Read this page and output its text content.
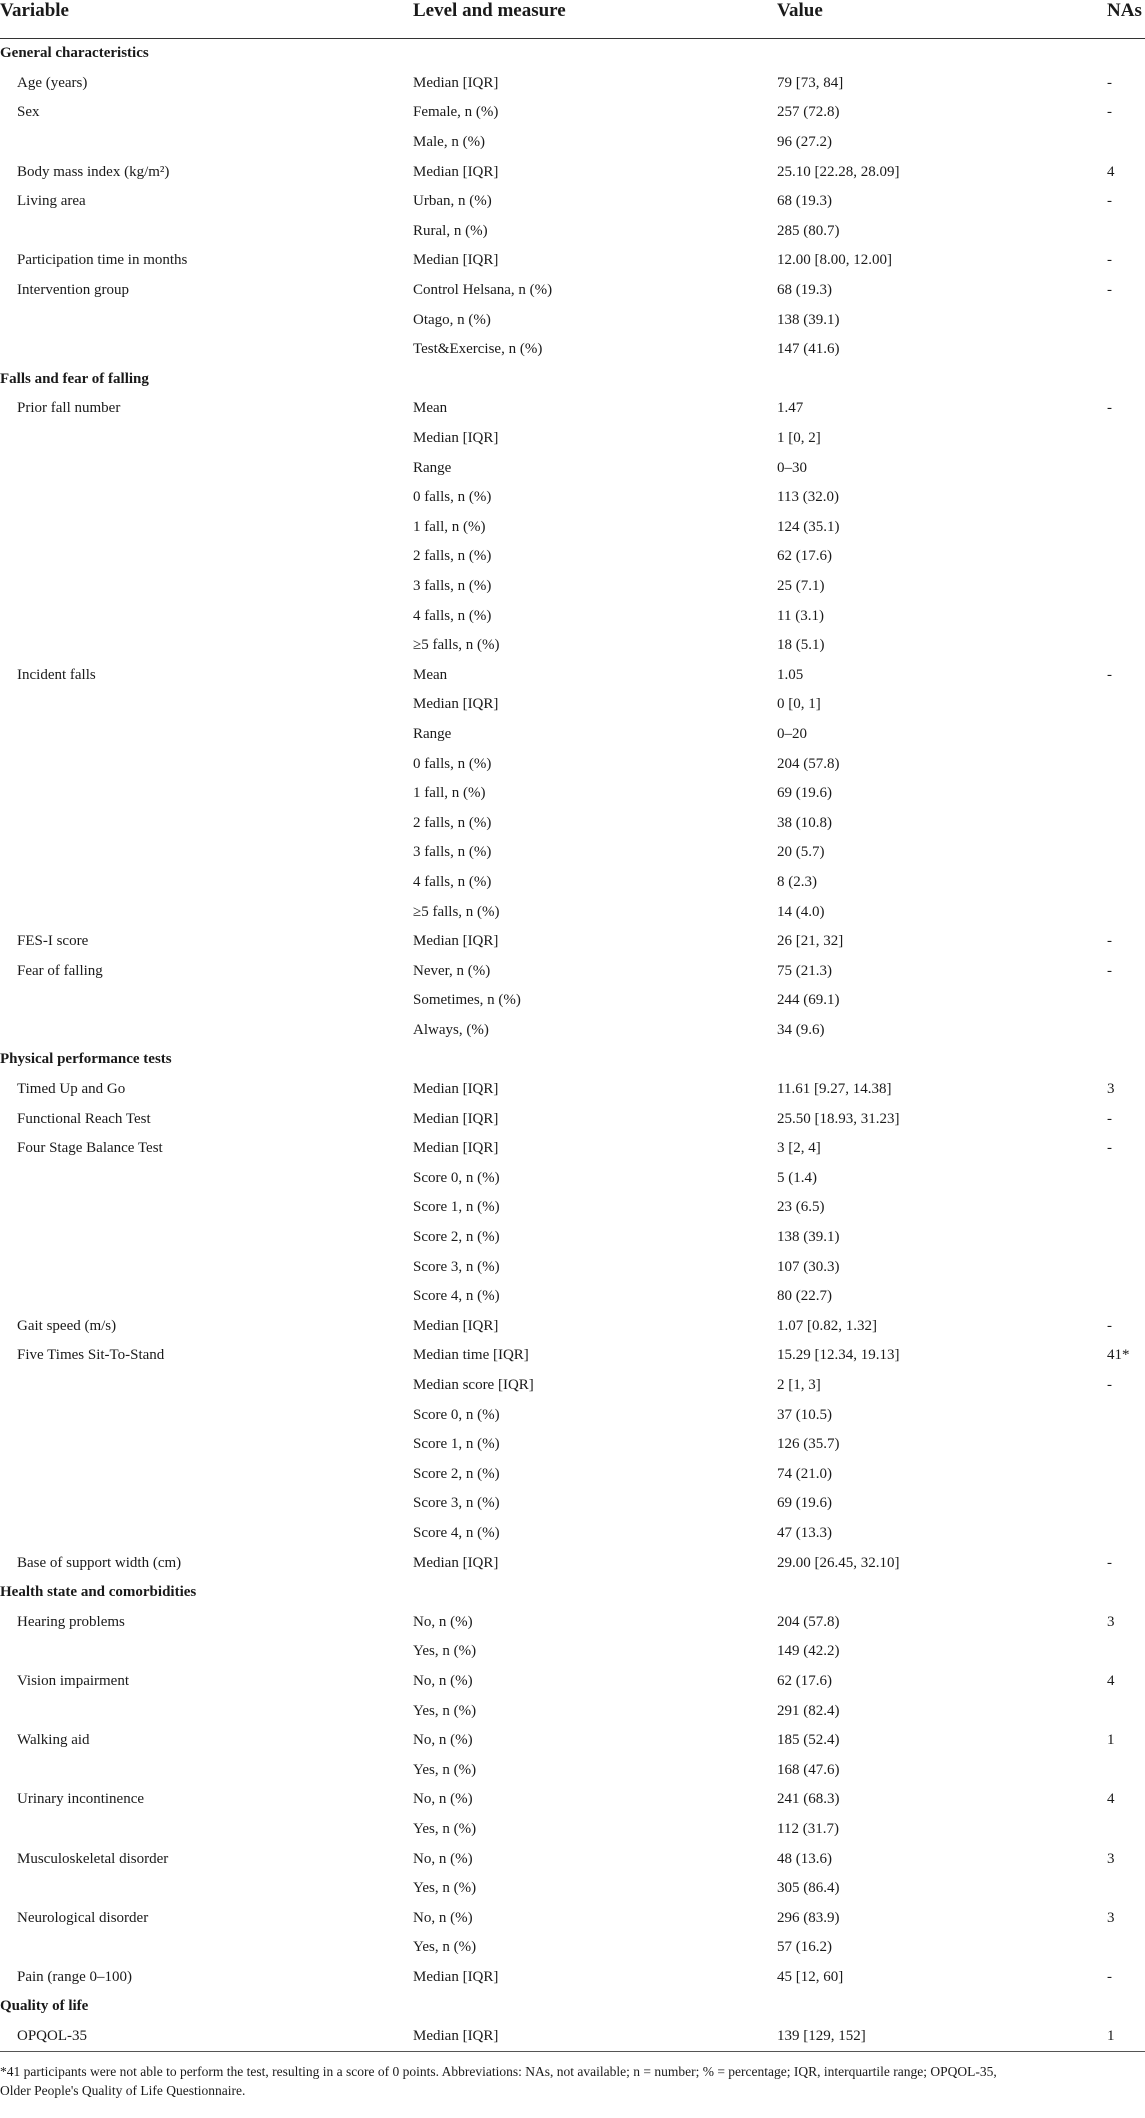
Variable	Level and measure	Value	NAs
General characteristics			
Age (years)	Median [IQR]	79 [73, 84]	-
Sex	Female, n (%)	257 (72.8)	-
	Male, n (%)	96 (27.2)	
Body mass index (kg/m²)	Median [IQR]	25.10 [22.28, 28.09]	4
Living area	Urban, n (%)	68 (19.3)	-
	Rural, n (%)	285 (80.7)	
Participation time in months	Median [IQR]	12.00 [8.00, 12.00]	-
Intervention group	Control Helsana, n (%)	68 (19.3)	-
	Otago, n (%)	138 (39.1)	
	Test&Exercise, n (%)	147 (41.6)	
Falls and fear of falling			
Prior fall number	Mean	1.47	-
	Median [IQR]	1 [0, 2]	
	Range	0–30	
	0 falls, n (%)	113 (32.0)	
	1 fall, n (%)	124 (35.1)	
	2 falls, n (%)	62 (17.6)	
	3 falls, n (%)	25 (7.1)	
	4 falls, n (%)	11 (3.1)	
	≥5 falls, n (%)	18 (5.1)	
Incident falls	Mean	1.05	-
	Median [IQR]	0 [0, 1]	
	Range	0–20	
	0 falls, n (%)	204 (57.8)	
	1 fall, n (%)	69 (19.6)	
	2 falls, n (%)	38 (10.8)	
	3 falls, n (%)	20 (5.7)	
	4 falls, n (%)	8 (2.3)	
	≥5 falls, n (%)	14 (4.0)	
FES-I score	Median [IQR]	26 [21, 32]	-
Fear of falling	Never, n (%)	75 (21.3)	-
	Sometimes, n (%)	244 (69.1)	
	Always, (%)	34 (9.6)	
Physical performance tests			
Timed Up and Go	Median [IQR]	11.61 [9.27, 14.38]	3
Functional Reach Test	Median [IQR]	25.50 [18.93, 31.23]	-
Four Stage Balance Test	Median [IQR]	3 [2, 4]	-
	Score 0, n (%)	5 (1.4)	
	Score 1, n (%)	23 (6.5)	
	Score 2, n (%)	138 (39.1)	
	Score 3, n (%)	107 (30.3)	
	Score 4, n (%)	80 (22.7)	
Gait speed (m/s)	Median [IQR]	1.07 [0.82, 1.32]	-
Five Times Sit-To-Stand	Median time [IQR]	15.29 [12.34, 19.13]	41*
	Median score [IQR]	2 [1, 3]	-
	Score 0, n (%)	37 (10.5)	
	Score 1, n (%)	126 (35.7)	
	Score 2, n (%)	74 (21.0)	
	Score 3, n (%)	69 (19.6)	
	Score 4, n (%)	47 (13.3)	
Base of support width (cm)	Median [IQR]	29.00 [26.45, 32.10]	-
Health state and comorbidities			
Hearing problems	No, n (%)	204 (57.8)	3
	Yes, n (%)	149 (42.2)	
Vision impairment	No, n (%)	62 (17.6)	4
	Yes, n (%)	291 (82.4)	
Walking aid	No, n (%)	185 (52.4)	1
	Yes, n (%)	168 (47.6)	
Urinary incontinence	No, n (%)	241 (68.3)	4
	Yes, n (%)	112 (31.7)	
Musculoskeletal disorder	No, n (%)	48 (13.6)	3
	Yes, n (%)	305 (86.4)	
Neurological disorder	No, n (%)	296 (83.9)	3
	Yes, n (%)	57 (16.2)	
Pain (range 0–100)	Median [IQR]	45 [12, 60]	-
Quality of life			
OPQOL-35	Median [IQR]	139 [129, 152]	1
*41 participants were not able to perform the test, resulting in a score of 0 points. Abbreviations: NAs, not available; n = number; % = percentage; IQR, interquartile range; OPQOL-35,
Older People's Quality of Life Questionnaire.
